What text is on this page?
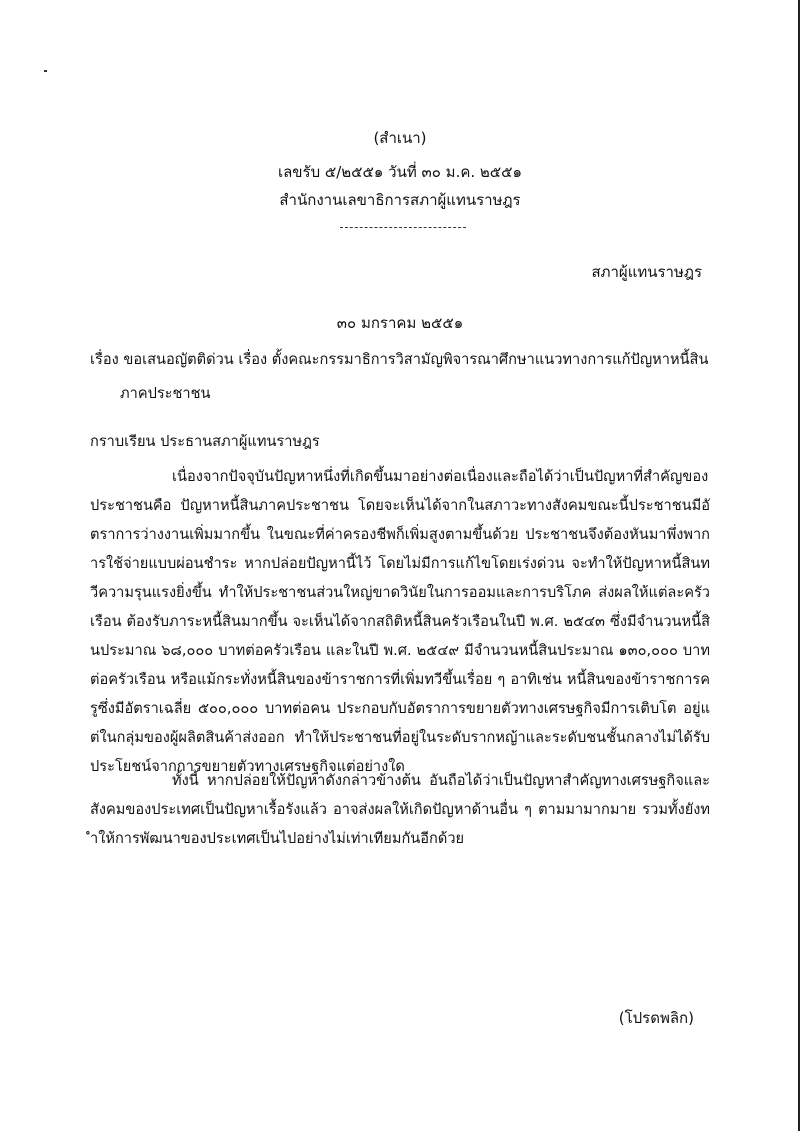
(สำเนา)
เลขรับ ๕/๒๕๕๑ วันที่ ๓๐ ม.ค. ๒๕๕๑
สำนักงานเลขาธิการสภาผู้แทนราษฎร
สภาผู้แทนราษฎร
๓๐ มกราคม ๒๕๕๑
เรื่อง ขอเสนอญัตติด่วน เรื่อง ตั้งคณะกรรมาธิการวิสามัญพิจารณาศึกษาแนวทางการแก้ปัญหาหนี้สิน
ภาคประชาชน
กราบเรียน ประธานสภาผู้แทนราษฎร
เนื่องจากปัจจุบันปัญหาหนึ่งที่เกิดขึ้นมาอย่างต่อเนื่องและถือได้ว่าเป็นปัญหาที่สำคัญของประชาชนคือ ปัญหาหนี้สินภาคประชาชน โดยจะเห็นได้จากในสภาวะทางสังคมขณะนี้ประชาชนมีอัตราการว่างงานเพิ่มมากขึ้น ในขณะที่ค่าครองชีพก็เพิ่มสูงตามขึ้นด้วย ประชาชนจึงต้องหันมาพึ่งพาการใช้จ่ายแบบผ่อนชำระ หากปล่อยปัญหานี้ไว้ โดยไม่มีการแก้ไขโดยเร่งด่วน จะทำให้ปัญหาหนี้สินทวีความรุนแรงยิ่งขึ้น ทำให้ประชาชนส่วนใหญ่ขาดวินัยในการออมและการบริโภค ส่งผลให้แต่ละครัวเรือน ต้องรับภาระหนี้สินมากขึ้น จะเห็นได้จากสถิติหนี้สินครัวเรือนในปี พ.ศ. ๒๕๔๓ ซึ่งมีจำนวนหนี้สินประมาณ ๖๘,๐๐๐ บาทต่อครัวเรือน และในปี พ.ศ. ๒๕๔๙ มีจำนวนหนี้สินประมาณ ๑๓๐,๐๐๐ บาทต่อครัวเรือน หรือแม้กระทั่งหนี้สินของข้าราชการที่เพิ่มทวีขึ้นเรื่อย ๆ อาทิเช่น หนี้สินของข้าราชการครูซึ่งมีอัตราเฉลี่ย ๕๐๐,๐๐๐ บาทต่อคน ประกอบกับอัตราการขยายตัวทางเศรษฐกิจมีการเติบโต อยู่แต่ในกลุ่มของผู้ผลิตสินค้าส่งออก ทำให้ประชาชนที่อยู่ในระดับรากหญ้าและระดับชนชั้นกลางไม่ได้รับประโยชน์จากการขยายตัวทางเศรษฐกิจแต่อย่างใด
ทั้งนี้ หากปล่อยให้ปัญหาดังกล่าวข้างต้น อันถือได้ว่าเป็นปัญหาสำคัญทางเศรษฐกิจและสังคมของประเทศเป็นปัญหาเรื้อรังแล้ว อาจส่งผลให้เกิดปัญหาด้านอื่น ๆ ตามมามากมาย รวมทั้งยังทำให้การพัฒนาของประเทศเป็นไปอย่างไม่เท่าเทียมกันอีกด้วย
(โปรดพลิก)
